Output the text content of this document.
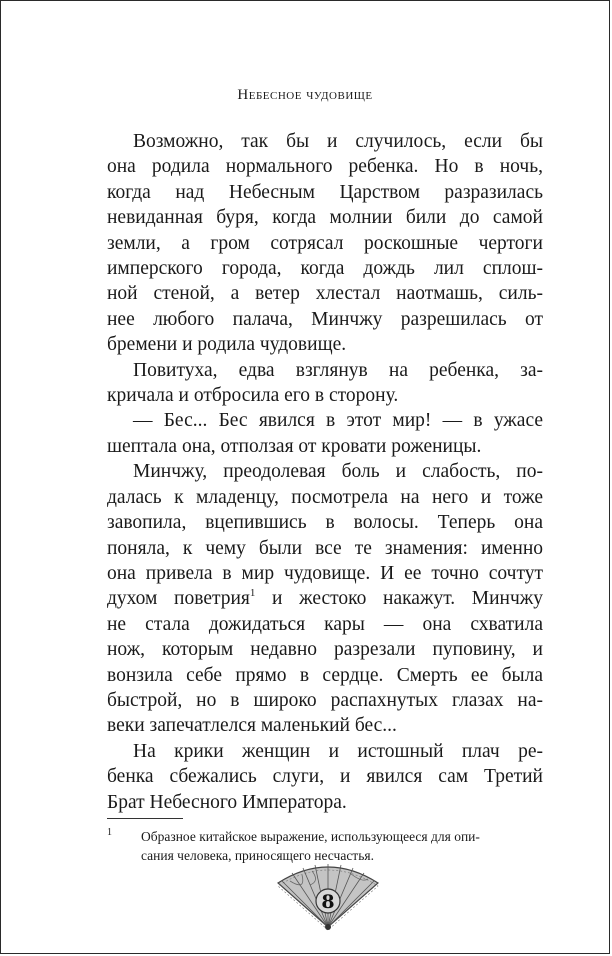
Небесное чудовище

Возможно, так бы и случилось, если бы
она родила нормального ребенка. Но в ночь,
когда над Небесным Царством разразилась
невиданная буря, когда молнии били до самой
земли, а гром сотрясал роскошные чертоги
имперского города, когда дождь лил сплош-
ной стеной, а ветер хлестал наотмашь, силь-
нее любого палача, Минчжу разрешилась от
бремени и родила чудовище.

Повитуха, едва взглянув на ребенка, за-
кричала и отбросила его в сторону.

— Бес... Бес явился в этот мир! — в ужасе
шептала она, отползая от кровати роженицы.

Минчжу, преодолевая боль и слабость, по-
далась к младенцу, посмотрела на него и тоже
завопила, вцепившись в волосы. Теперь она
поняла, к чему были все те знамения: именно
она привела в мир чудовище. И ее точно сочтут
духом поветрия$^1$ и жестоко накажут. Минчжу
не стала дожидаться кары — она схватила
нож, которым недавно разрезали пуповину, и
вонзила себе прямо в сердце. Смерть ее была
быстрой, но в широко распахнутых глазах на-
веки запечатлелся маленький бес...

На крики женщин и истошный плач ре-
бенка сбежались слуги, и явился сам Третий
Брат Небесного Императора.

1	Образное китайское выражение, использующееся для опи-
сания человека, приносящего несчастья.
8
